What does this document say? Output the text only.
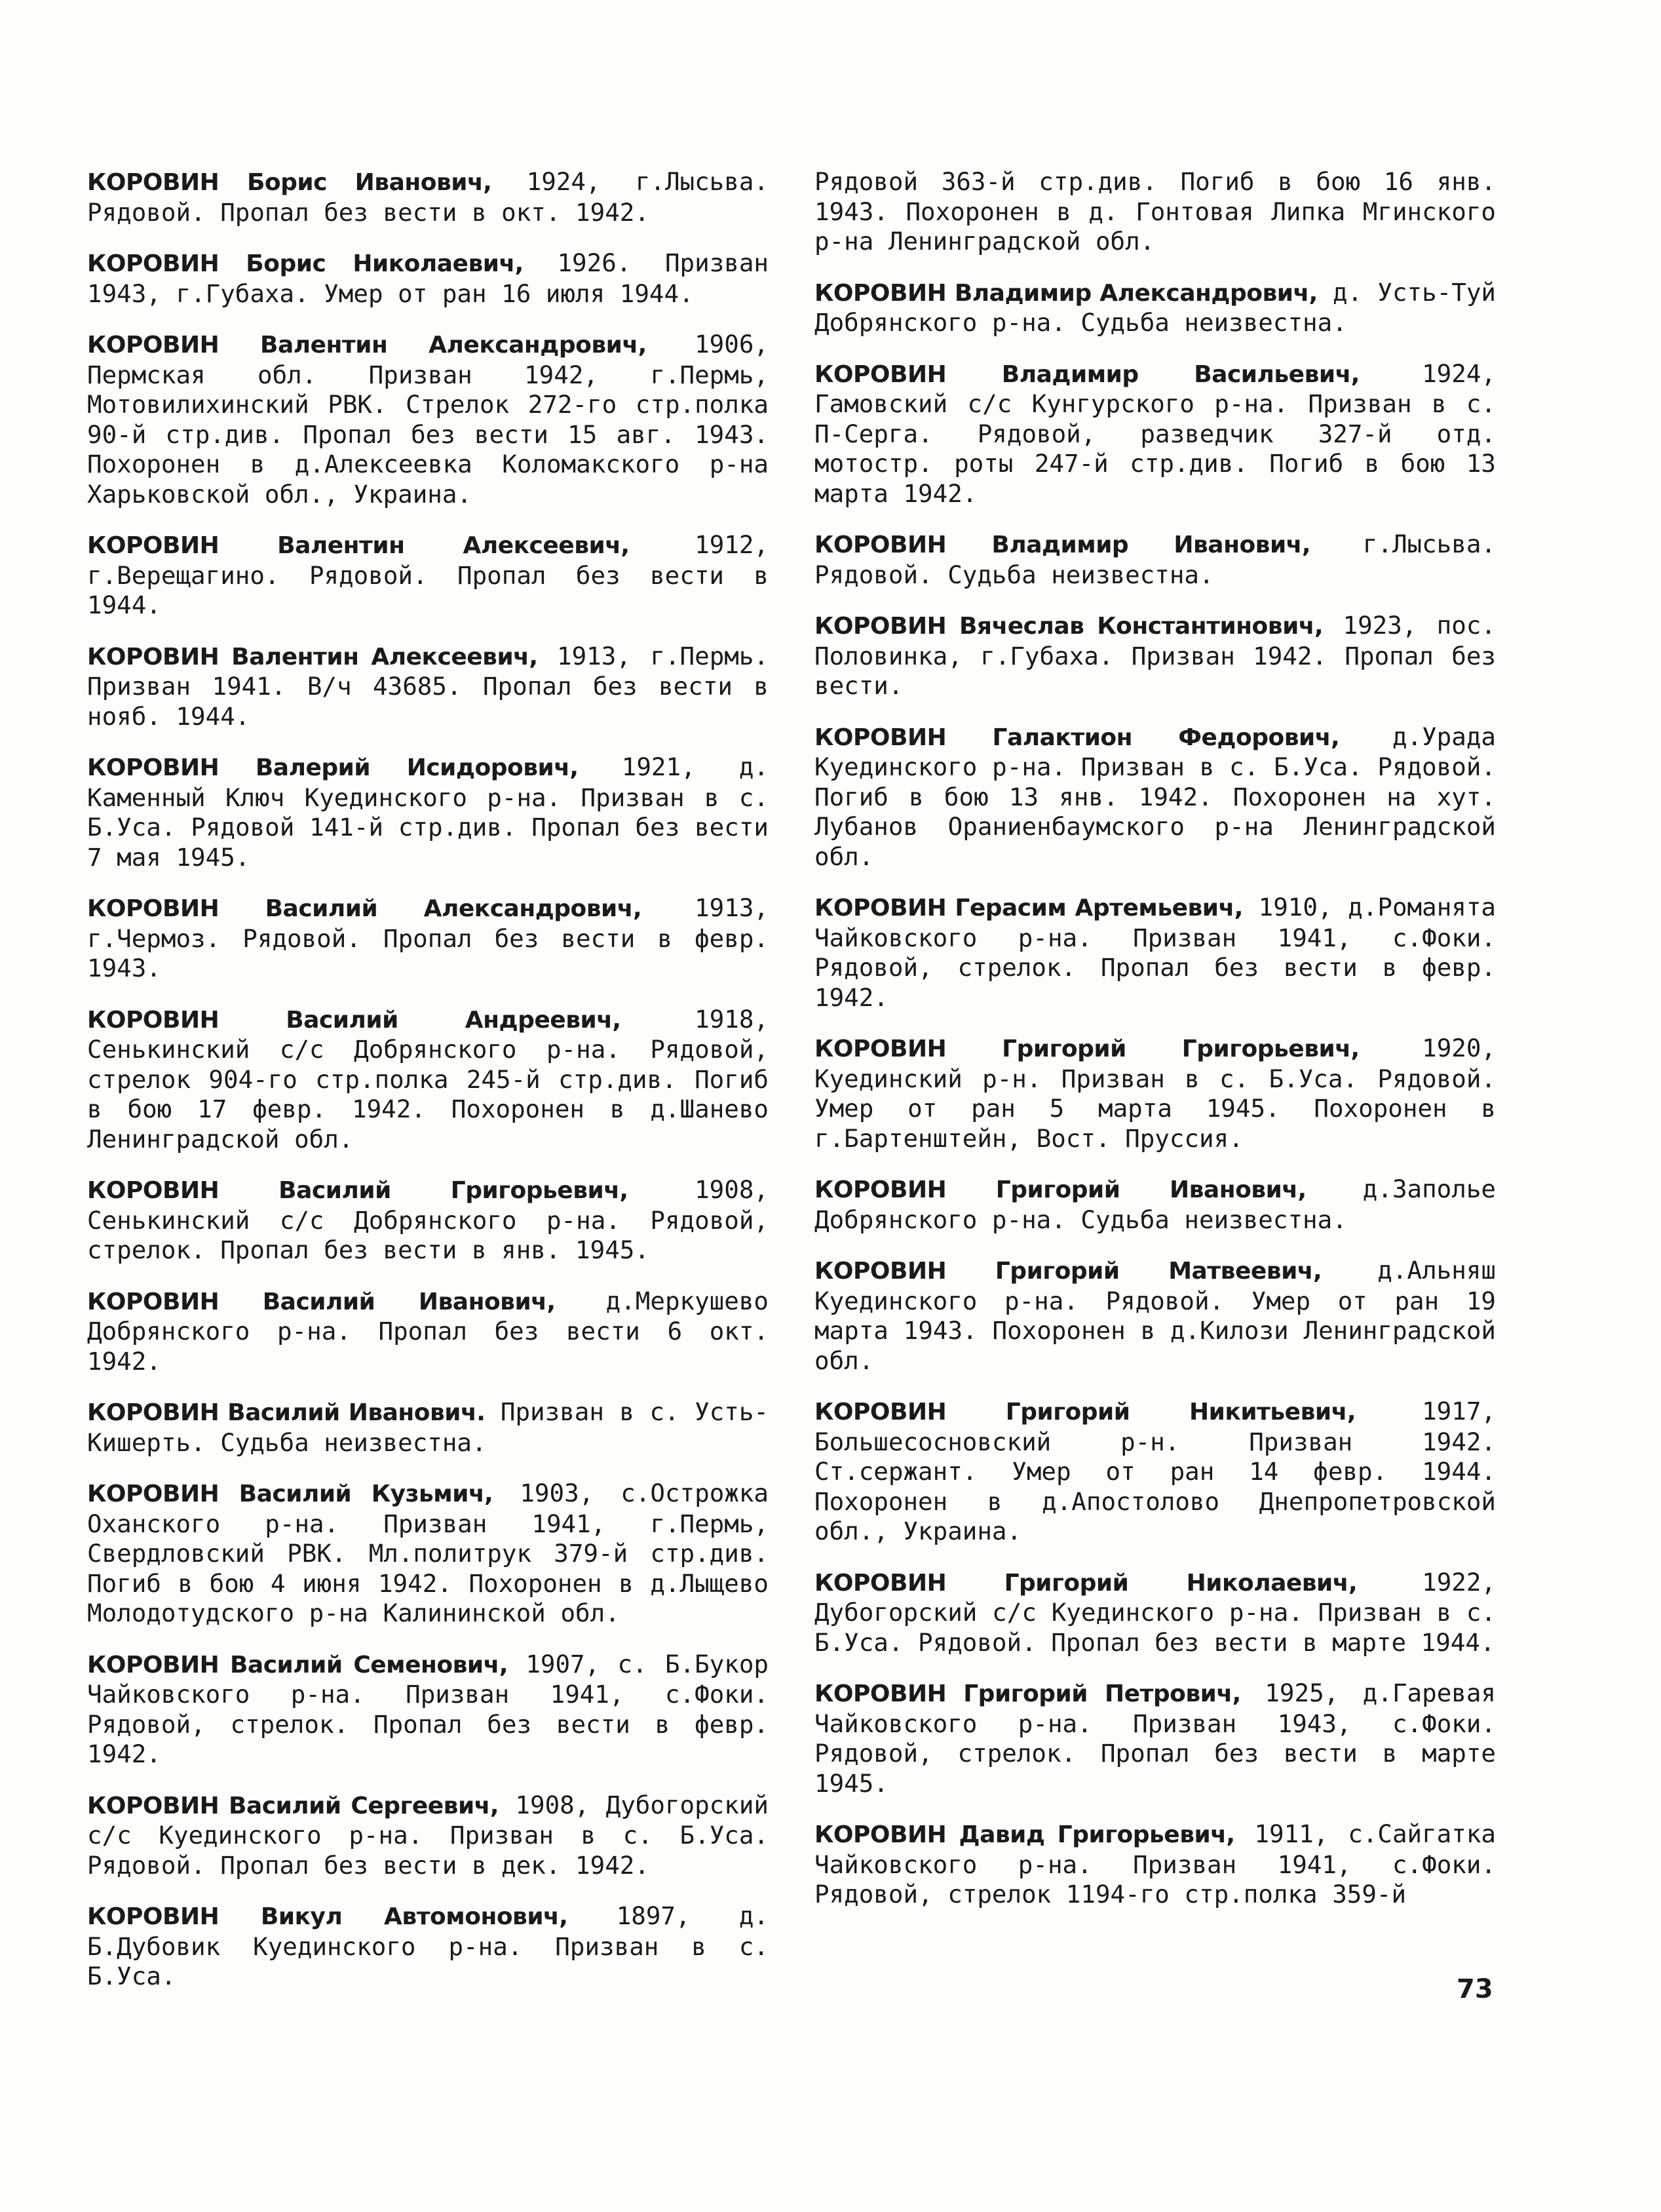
КОРОВИН Борис Иванович, 1924, г.Лысьва. Рядовой. Пропал без вести в окт. 1942.

КОРОВИН Борис Николаевич, 1926. Призван 1943, г.Губаха. Умер от ран 16 июля 1944.

КОРОВИН Валентин Александрович, 1906, Пермская обл. Призван 1942, г.Пермь, Мотовилихинский РВК. Стрелок 272-го стр.полка 90-й стр.див. Пропал без вести 15 авг. 1943. Похоронен в д.Алексеевка Коломакского р-на Харьковской обл., Украина.

КОРОВИН Валентин Алексеевич, 1912, г.Верещагино. Рядовой. Пропал без вести в 1944.

КОРОВИН Валентин Алексеевич, 1913, г.Пермь. Призван 1941. В/ч 43685. Пропал без вести в нояб. 1944.

КОРОВИН Валерий Исидорович, 1921, д. Каменный Ключ Куединского р-на. Призван в с. Б.Уса. Рядовой 141-й стр.див. Пропал без вести 7 мая 1945.

КОРОВИН Василий Александрович, 1913, г.Чермоз. Рядовой. Пропал без вести в февр. 1943.

КОРОВИН Василий Андреевич, 1918, Сенькинский с/с Добрянского р-на. Рядовой, стрелок 904-го стр.полка 245-й стр.див. Погиб в бою 17 февр. 1942. Похоронен в д.Шанево Ленинградской обл.

КОРОВИН Василий Григорьевич, 1908, Сенькинский с/с Добрянского р-на. Рядовой, стрелок. Пропал без вести в янв. 1945.

КОРОВИН Василий Иванович, д.Меркушево Добрянского р-на. Пропал без вести 6 окт. 1942.

КОРОВИН Василий Иванович. Призван в с. Усть-Кишерть. Судьба неизвестна.

КОРОВИН Василий Кузьмич, 1903, с.Острожка Оханского р-на. Призван 1941, г.Пермь, Свердловский РВК. Мл.политрук 379-й стр.див. Погиб в бою 4 июня 1942. Похоронен в д.Лыщево Молодотудского р-на Калининской обл.

КОРОВИН Василий Семенович, 1907, с. Б.Букор Чайковского р-на. Призван 1941, с.Фоки. Рядовой, стрелок. Пропал без вести в февр. 1942.

КОРОВИН Василий Сергеевич, 1908, Дубогорский с/с Куединского р-на. Призван в с. Б.Уса. Рядовой. Пропал без вести в дек. 1942.

КОРОВИН Викул Автомонович, 1897, д. Б.Дубовик Куединского р-на. Призван в с. Б.Уса.

Рядовой 363-й стр.див. Погиб в бою 16 янв. 1943. Похоронен в д. Гонтовая Липка Мгинского р-на Ленинградской обл.

КОРОВИН Владимир Александрович, д. Усть-Туй Добрянского р-на. Судьба неизвестна.

КОРОВИН Владимир Васильевич, 1924, Гамовский с/с Кунгурского р-на. Призван в с. П-Серга. Рядовой, разведчик 327-й отд. мотостр. роты 247-й стр.див. Погиб в бою 13 марта 1942.

КОРОВИН Владимир Иванович, г.Лысьва. Рядовой. Судьба неизвестна.

КОРОВИН Вячеслав Константинович, 1923, пос. Половинка, г.Губаха. Призван 1942. Пропал без вести.

КОРОВИН Галактион Федорович, д.Урада Куединского р-на. Призван в с. Б.Уса. Рядовой. Погиб в бою 13 янв. 1942. Похоронен на хут. Лубанов Ораниенбаумского р-на Ленинградской обл.

КОРОВИН Герасим Артемьевич, 1910, д.Романята Чайковского р-на. Призван 1941, с.Фоки. Рядовой, стрелок. Пропал без вести в февр. 1942.

КОРОВИН Григорий Григорьевич, 1920, Куединский р-н. Призван в с. Б.Уса. Рядовой. Умер от ран 5 марта 1945. Похоронен в г.Бартенштейн, Вост. Пруссия.

КОРОВИН Григорий Иванович, д.Заполье Добрянского р-на. Судьба неизвестна.

КОРОВИН Григорий Матвеевич, д.Альняш Куединского р-на. Рядовой. Умер от ран 19 марта 1943. Похоронен в д.Килози Ленинградской обл.

КОРОВИН Григорий Никитьевич, 1917, Большесосновский р-н. Призван 1942. Ст.сержант. Умер от ран 14 февр. 1944. Похоронен в д.Апостолово Днепропетровской обл., Украина.

КОРОВИН Григорий Николаевич, 1922, Дубогорский с/с Куединского р-на. Призван в с. Б.Уса. Рядовой. Пропал без вести в марте 1944.

КОРОВИН Григорий Петрович, 1925, д.Гаревая Чайковского р-на. Призван 1943, с.Фоки. Рядовой, стрелок. Пропал без вести в марте 1945.

КОРОВИН Давид Григорьевич, 1911, с.Сайгатка Чайковского р-на. Призван 1941, с.Фоки. Рядовой, стрелок 1194-го стр.полка 359-й

73
